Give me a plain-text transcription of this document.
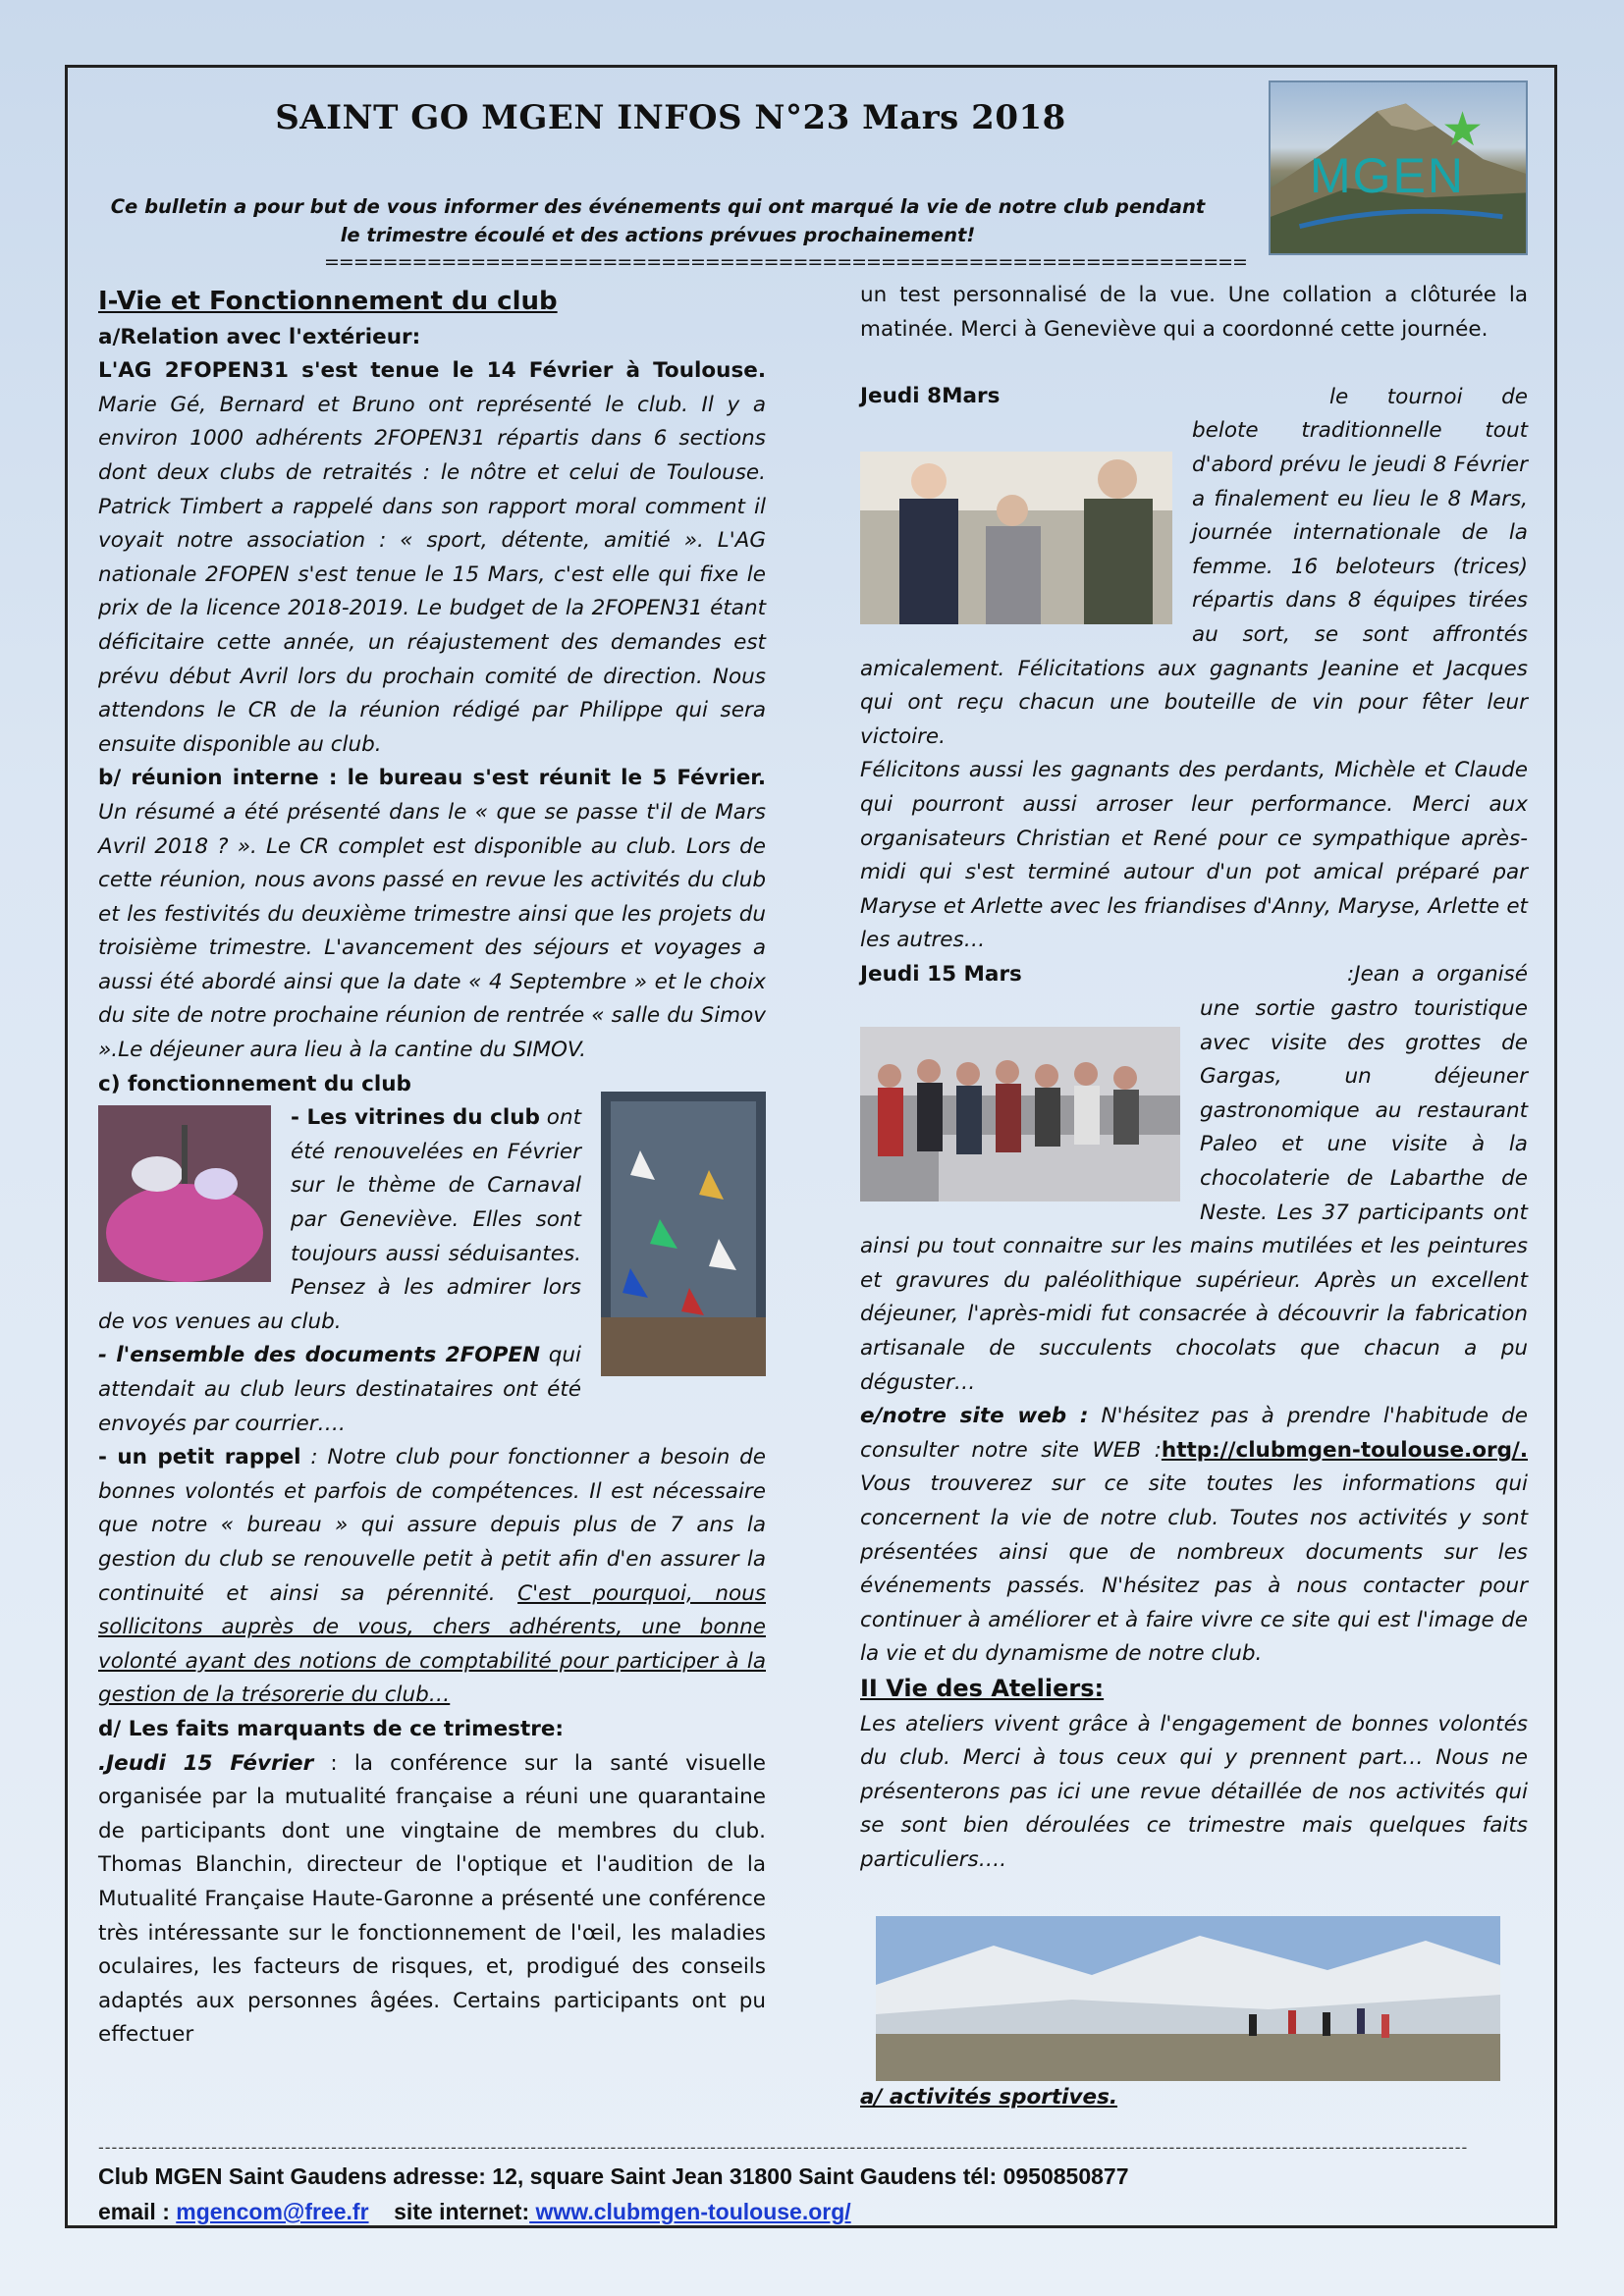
SAINT GO MGEN INFOS N°23 Mars 2018
MGEN
★
Ce bulletin a pour but de vous informer des événements qui ont marqué la vie de notre club pendant le trimestre écoulé et des actions prévues prochainement!
===============================================================

I-Vie et Fonctionnement du club

a/Relation avec l'extérieur:

L'AG 2FOPEN31 s'est tenue le 14 Février à Toulouse. Marie Gé, Bernard et Bruno ont représenté le club. Il y a environ 1000 adhérents 2FOPEN31 répartis dans 6 sections dont deux clubs de retraités : le nôtre et celui de Toulouse. Patrick Timbert a rappelé dans son rapport moral comment il voyait notre association : « sport, détente, amitié ». L'AG nationale 2FOPEN s'est tenue le 15 Mars, c'est elle qui fixe le prix de la licence 2018-2019. Le budget de la 2FOPEN31 étant déficitaire cette année, un réajustement des demandes est prévu début Avril lors du prochain comité de direction. Nous attendons le CR de la réunion rédigé par Philippe qui sera ensuite disponible au club.

b/ réunion interne : le bureau s'est réunit le 5 Février. Un résumé a été présenté dans le « que se passe t'il de Mars Avril 2018 ? ». Le CR complet est disponible au club. Lors de cette réunion, nous avons passé en revue les activités du club et les festivités du deuxième trimestre ainsi que les projets du troisième trimestre. L'avancement des séjours et voyages a aussi été abordé ainsi que la date « 4 Septembre » et le choix du site de notre prochaine réunion de rentrée « salle du Simov ».Le déjeuner aura lieu à la cantine du SIMOV.

c) fonctionnement du club

- Les vitrines du club ont été renouvelées en Février sur le thème de Carnaval par Geneviève. Elles sont toujours aussi séduisantes. Pensez à les admirer lors de vos venues au club.

- l'ensemble des documents 2FOPEN qui attendait au club leurs destinataires ont été envoyés par courrier….

- un petit rappel : Notre club pour fonctionner a besoin de bonnes volontés et parfois de compétences. Il est nécessaire que notre « bureau » qui assure depuis plus de 7 ans la gestion du club se renouvelle petit à petit afin d'en assurer la continuité et ainsi sa pérennité. C'est pourquoi, nous sollicitons auprès de vous, chers adhérents, une bonne volonté ayant des notions de comptabilité pour participer à la gestion de la trésorerie du club…

d/ Les faits marquants de ce trimestre:

.Jeudi 15 Février : la conférence sur la santé visuelle organisée par la mutualité française a réuni une quarantaine de participants dont une vingtaine de membres du club. Thomas Blanchin, directeur de l'optique et l'audition de la Mutualité Française Haute-Garonne a présenté une conférence très intéressante sur le fonctionnement de l'œil, les maladies oculaires, les facteurs de risques, et, prodigué des conseils adaptés aux personnes âgées. Certains participants ont pu effectuer

un test personnalisé de la vue. Une collation a clôturée la matinée. Merci à Geneviève qui a coordonné cette journée.

Jeudi 8Mars	le tournoi de belote traditionnelle tout d'abord prévu le jeudi 8 Février a finalement eu lieu le 8 Mars, journée internationale de la femme. 16 beloteurs (trices) répartis dans 8 équipes tirées au sort, se sont affrontés amicalement. Félicitations aux gagnants Jeanine et Jacques qui ont reçu chacun une bouteille de vin pour fêter leur victoire.

Félicitons aussi les gagnants des perdants, Michèle et Claude qui pourront aussi arroser leur performance. Merci aux organisateurs Christian et René pour ce sympathique après-midi qui s'est terminé autour d'un pot amical préparé par Maryse et Arlette avec les friandises d'Anny, Maryse, Arlette et les autres…

Jeudi 15 Mars	:Jean a organisé une sortie gastro touristique avec visite des grottes de Gargas, un déjeuner gastronomique au restaurant Paleo et une visite à la chocolaterie de Labarthe de Neste. Les 37 participants ont ainsi pu tout connaitre sur les mains mutilées et les peintures et gravures du paléolithique supérieur. Après un excellent déjeuner, l'après-midi fut consacrée à découvrir la fabrication artisanale de succulents chocolats que chacun a pu déguster…

e/notre site web : N'hésitez pas à prendre l'habitude de consulter notre site WEB :http://clubmgen-toulouse.org/. Vous trouverez sur ce site toutes les informations qui concernent la vie de notre club. Toutes nos activités y sont présentées ainsi que de nombreux documents sur les événements passés. N'hésitez pas à nous contacter pour continuer à améliorer et à faire vivre ce site qui est l'image de la vie et du dynamisme de notre club.

II Vie des Ateliers:

Les ateliers vivent grâce à l'engagement de bonnes volontés du club. Merci à tous ceux qui y prennent part… Nous ne présenterons pas ici une revue détaillée de nos activités qui se sont bien déroulées ce trimestre mais quelques faits particuliers….

a/ activités sportives.
--------------------------------------------------------------------------------------------------------------------------------------------------------------------------------------------------------------
Club MGEN Saint Gaudens adresse: 12, square Saint Jean 31800 Saint Gaudens tél: 0950850877
email : mgencom@free.fr    site internet: www.clubmgen-toulouse.org/
